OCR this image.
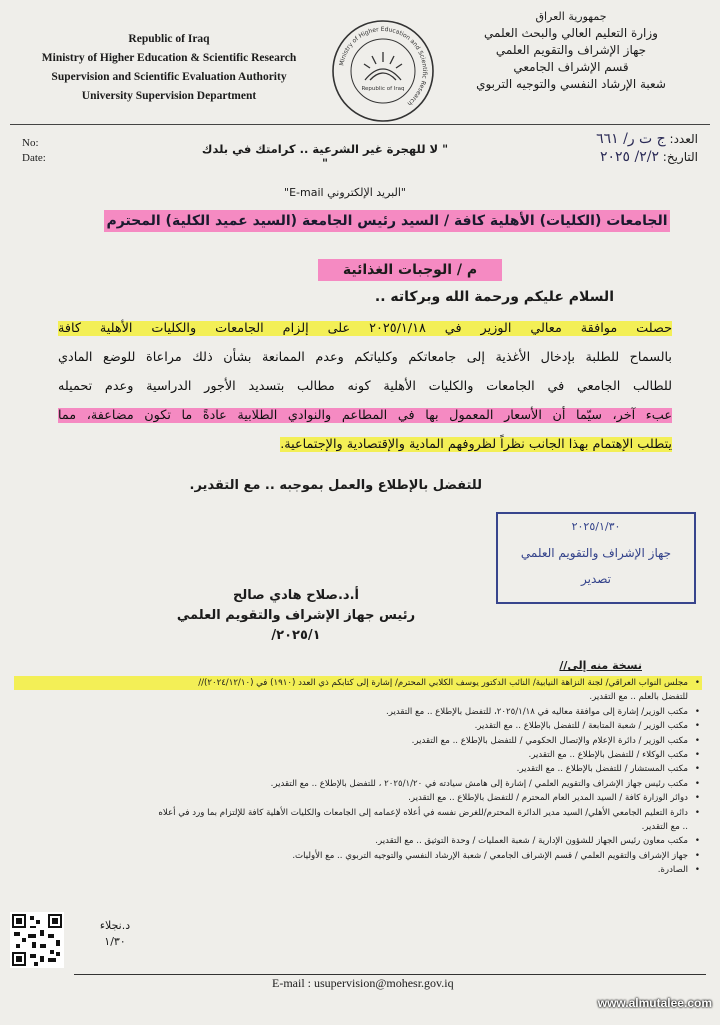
Republic of Iraq
Ministry of Higher Education & Scientific Research
Supervision and Scientific Evaluation Authority
University Supervision Department
Ministry of Higher Education and Scientific Research
Republic of Iraq
جمهورية العراق
وزارة التعليم العالي والبحث العلمي
جهاز الإشراف والتقويم العلمي
قسم الإشراف الجامعي
شعبة الإرشاد النفسي والتوجيه التربوي
No:
Date:
" لا للهجرة غير الشرعية .. كرامتك في بلدك "
العدد: ج ت ر/ ٦٦١
التاريخ: ٢/٢/ ٢٠٢٥
"البريد الإلكتروني E-mail"
الجامعات (الكليات) الأهلية كافة / السيد رئيس الجامعة (السيد عميد الكلية) المحترم
م / الوجبات الغذائية
السلام عليكم ورحمة الله وبركاته ..
حصلت موافقة معالي الوزير في ٢٠٢٥/١/١٨ على إلزام الجامعات والكليات الأهلية كافة
بالسماح للطلبة بإدخال الأغذية إلى جامعاتكم وكلياتكم وعدم الممانعة بشأن ذلك مراعاة للوضع المادي
للطالب الجامعي في الجامعات والكليات الأهلية كونه مطالب بتسديد الأجور الدراسية وعدم تحميله
عبء آخر، سيّما أن الأسعار المعمول بها في المطاعم والنوادي الطلابية عادةً ما تكون مضاعفة، مما
يتطلب الإهتمام بهذا الجانب نظراً لظروفهم المادية والإقتصادية والإجتماعية.
للتفضل بالإطلاع والعمل بموجبه .. مع التقدير.
٢٠٢٥/١/٣٠
جهاز الإشراف والتقويم العلمي
تصدير
أ.د.صلاح هادي صالح
رئيس جهاز الإشراف والتقويم العلمي
٢٠٢٥/١/
نسخة منه إلى//
• مجلس النواب العراقي/ لجنة النزاهة النيابية/ النائب الدكتور يوسف الكلابي المحترم/ إشارة إلى كتابكم ذي العدد (١٩١٠) في (٢٠٢٤/١٢/١٠)//
للتفضل بالعلم .. مع التقدير.
• مكتب الوزير/ إشارة إلى موافقة معاليه في ٢٠٢٥/١/١٨، للتفضل بالإطلاع .. مع التقدير.
• مكتب الوزير / شعبة المتابعة / للتفضل بالإطلاع .. مع التقدير.
• مكتب الوزير / دائرة الإعلام والإتصال الحكومي / للتفضل بالإطلاع .. مع التقدير.
• مكتب الوكلاء / للتفضل بالإطلاع .. مع التقدير.
• مكتب المستشار / للتفضل بالإطلاع .. مع التقدير.
• مكتب رئيس جهاز الإشراف والتقويم العلمي / إشارة إلى هامش سيادته في ٢٠٢٥/١/٢٠ ، للتفضل بالإطلاع .. مع التقدير.
• دوائر الوزارة كافة / السيد المدير العام المحترم / للتفضل بالإطلاع .. مع التقدير.
• دائرة التعليم الجامعي الأهلي/ السيد مدير الدائرة المحترم/للغرض نفسه في أعلاه لإعمامه إلى الجامعات والكليات الأهلية كافة للإلتزام بما ورد في أعلاه
.. مع التقدير.
• مكتب معاون رئيس الجهاز للشؤون الإدارية / شعبة العمليات / وحدة التوثيق .. مع التقدير.
• جهاز الإشراف والتقويم العلمي / قسم الإشراف الجامعي / شعبة الإرشاد النفسي والتوجيه التربوي .. مع الأوليات.
• الصادرة.
د.نجلاء
١/٣٠
E-mail : usupervision@mohesr.gov.iq
www.almutalee.com
